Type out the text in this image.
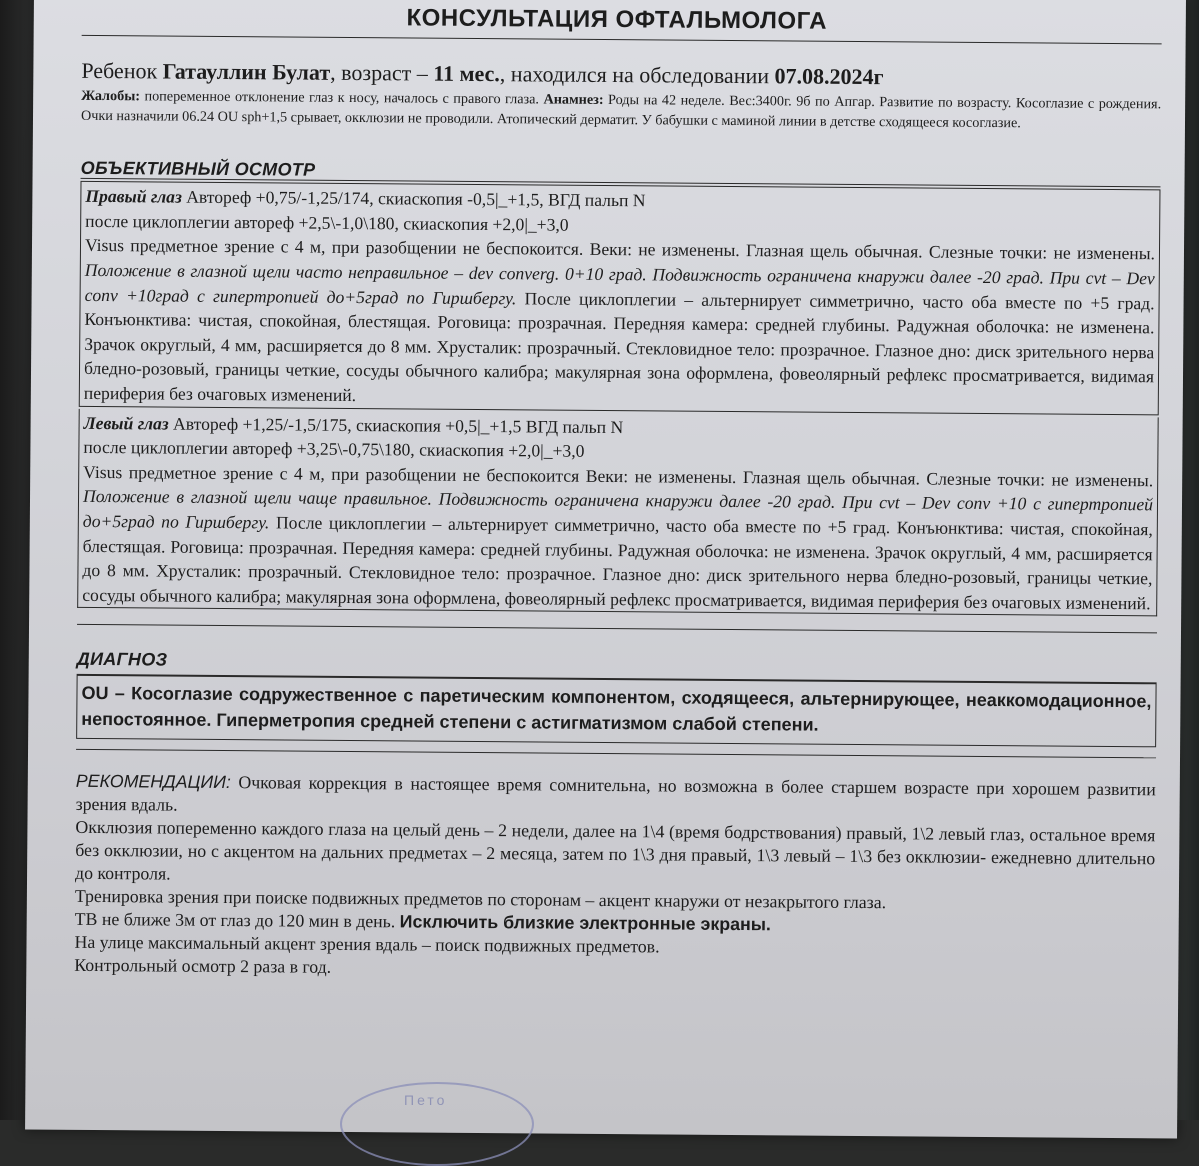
КОНСУЛЬТАЦИЯ ОФТАЛЬМОЛОГА
Ребенок Гатауллин Булат, возраст – 11 мес., находился на обследовании 07.08.2024г
Жалобы: попеременное отклонение глаз к носу, началось с правого глаза. Анамнез: Роды на 42 неделе. Вес:3400г. 9б по Апгар. Развитие по возрасту. Косоглазие с рождения. Очки назначили 06.24 OU sph+1,5 срывает, окклюзии не проводили. Атопический дерматит. У бабушки с маминой линии в детстве сходящееся косоглазие.
ОБЪЕКТИВНЫЙ ОСМОТР
Правый глаз Автореф +0,75/-1,25/174, скиаскопия -0,5|_+1,5, ВГД пальп N
после циклоплегии автореф +2,5\-1,0\180, скиаскопия +2,0|_+3,0
Visus предметное зрение с 4 м, при разобщении не беспокоится. Веки: не изменены. Глазная щель обычная. Слезные точки: не изменены. Положение в глазной щели часто неправильное – dev converg. 0+10 град. Подвижность ограничена кнаружи далее -20 град. При cvt – Dev conv +10град с гипертропией до+5град по Гиршбергу. После циклоплегии – альтернирует симметрично, часто оба вместе по +5 град. Конъюнктива: чистая, спокойная, блестящая. Роговица: прозрачная. Передняя камера: средней глубины. Радужная оболочка: не изменена. Зрачок округлый, 4 мм, расширяется до 8 мм. Хрусталик: прозрачный. Стекловидное тело: прозрачное. Глазное дно: диск зрительного нерва бледно-розовый, границы четкие, сосуды обычного калибра; макулярная зона оформлена, фовеолярный рефлекс просматривается, видимая периферия без очаговых изменений.
Левый глаз Автореф +1,25/-1,5/175, скиаскопия +0,5|_+1,5 ВГД пальп N
после циклоплегии автореф +3,25\-0,75\180, скиаскопия +2,0|_+3,0
Visus предметное зрение с 4 м, при разобщении не беспокоится Веки: не изменены. Глазная щель обычная. Слезные точки: не изменены. Положение в глазной щели чаще правильное. Подвижность ограничена кнаружи далее -20 град. При cvt – Dev conv +10 с гипертропией до+5град по Гиршбергу. После циклоплегии – альтернирует симметрично, часто оба вместе по +5 град. Конъюнктива: чистая, спокойная, блестящая. Роговица: прозрачная. Передняя камера: средней глубины. Радужная оболочка: не изменена. Зрачок округлый, 4 мм, расширяется до 8 мм. Хрусталик: прозрачный. Стекловидное тело: прозрачное. Глазное дно: диск зрительного нерва бледно-розовый, границы четкие, сосуды обычного калибра; макулярная зона оформлена, фовеолярный рефлекс просматривается, видимая периферия без очаговых изменений.
ДИАГНОЗ
OU – Косоглазие содружественное с паретическим компонентом, сходящееся, альтернирующее, неаккомодационное, непостоянное. Гиперметропия средней степени с астигматизмом слабой степени.

РЕКОМЕНДАЦИИ: Очковая коррекция в настоящее время сомнительна, но возможна в более старшем возрасте при хорошем развитии зрения вдаль.

Окклюзия попеременно каждого глаза на целый день – 2 недели, далее на 1\4 (время бодрствования) правый, 1\2 левый глаз, остальное время без окклюзии, но с акцентом на дальних предметах – 2 месяца, затем по 1\3 дня правый, 1\3 левый – 1\3 без окклюзии- ежедневно длительно до контроля.

Тренировка зрения при поиске подвижных предметов по сторонам – акцент кнаружи от незакрытого глаза.

ТВ не ближе 3м от глаз до 120 мин в день. Исключить близкие электронные экраны.

На улице максимальный акцент зрения вдаль – поиск подвижных предметов.

Контрольный осмотр 2 раза в год.

Пето
